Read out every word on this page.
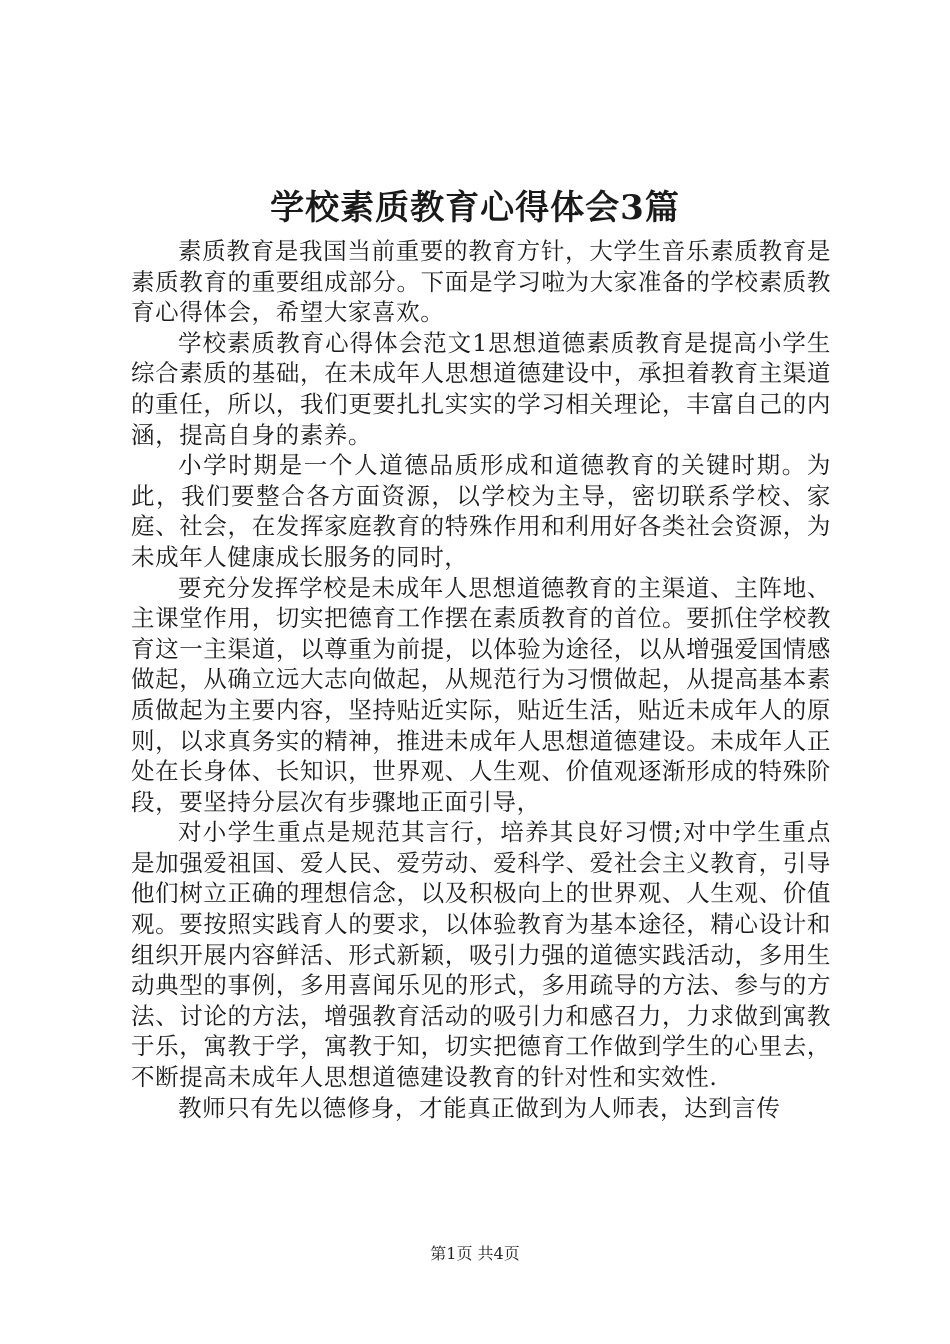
学校素质教育心得体会3篇

素质教育是我国当前重要的教育方针，大学生音乐素质教育是素质教育的重要组成部分。下面是学习啦为大家准备的学校素质教育心得体会，希望大家喜欢。

学校素质教育心得体会范文1思想道德素质教育是提高小学生综合素质的基础，在未成年人思想道德建设中，承担着教育主渠道的重任，所以，我们更要扎扎实实的学习相关理论，丰富自己的内涵，提高自身的素养。

小学时期是一个人道德品质形成和道德教育的关键时期。为此，我们要整合各方面资源，以学校为主导，密切联系学校、家庭、社会，在发挥家庭教育的特殊作用和利用好各类社会资源，为未成年人健康成长服务的同时，

要充分发挥学校是未成年人思想道德教育的主渠道、主阵地、主课堂作用，切实把德育工作摆在素质教育的首位。要抓住学校教育这一主渠道，以尊重为前提，以体验为途径，以从增强爱国情感做起，从确立远大志向做起，从规范行为习惯做起，从提高基本素质做起为主要内容，坚持贴近实际，贴近生活，贴近未成年人的原则，以求真务实的精神，推进未成年人思想道德建设。未成年人正处在长身体、长知识，世界观、人生观、价值观逐渐形成的特殊阶段，要坚持分层次有步骤地正面引导，

对小学生重点是规范其言行，培养其良好习惯;对中学生重点是加强爱祖国、爱人民、爱劳动、爱科学、爱社会主义教育，引导他们树立正确的理想信念，以及积极向上的世界观、人生观、价值观。要按照实践育人的要求，以体验教育为基本途径，精心设计和组织开展内容鲜活、形式新颖，吸引力强的道德实践活动，多用生动典型的事例，多用喜闻乐见的形式，多用疏导的方法、参与的方法、讨论的方法，增强教育活动的吸引力和感召力，力求做到寓教于乐，寓教于学，寓教于知，切实把德育工作做到学生的心里去，不断提高未成年人思想道德建设教育的针对性和实效性.

教师只有先以德修身，才能真正做到为人师表，达到言传

第1页 共4页
